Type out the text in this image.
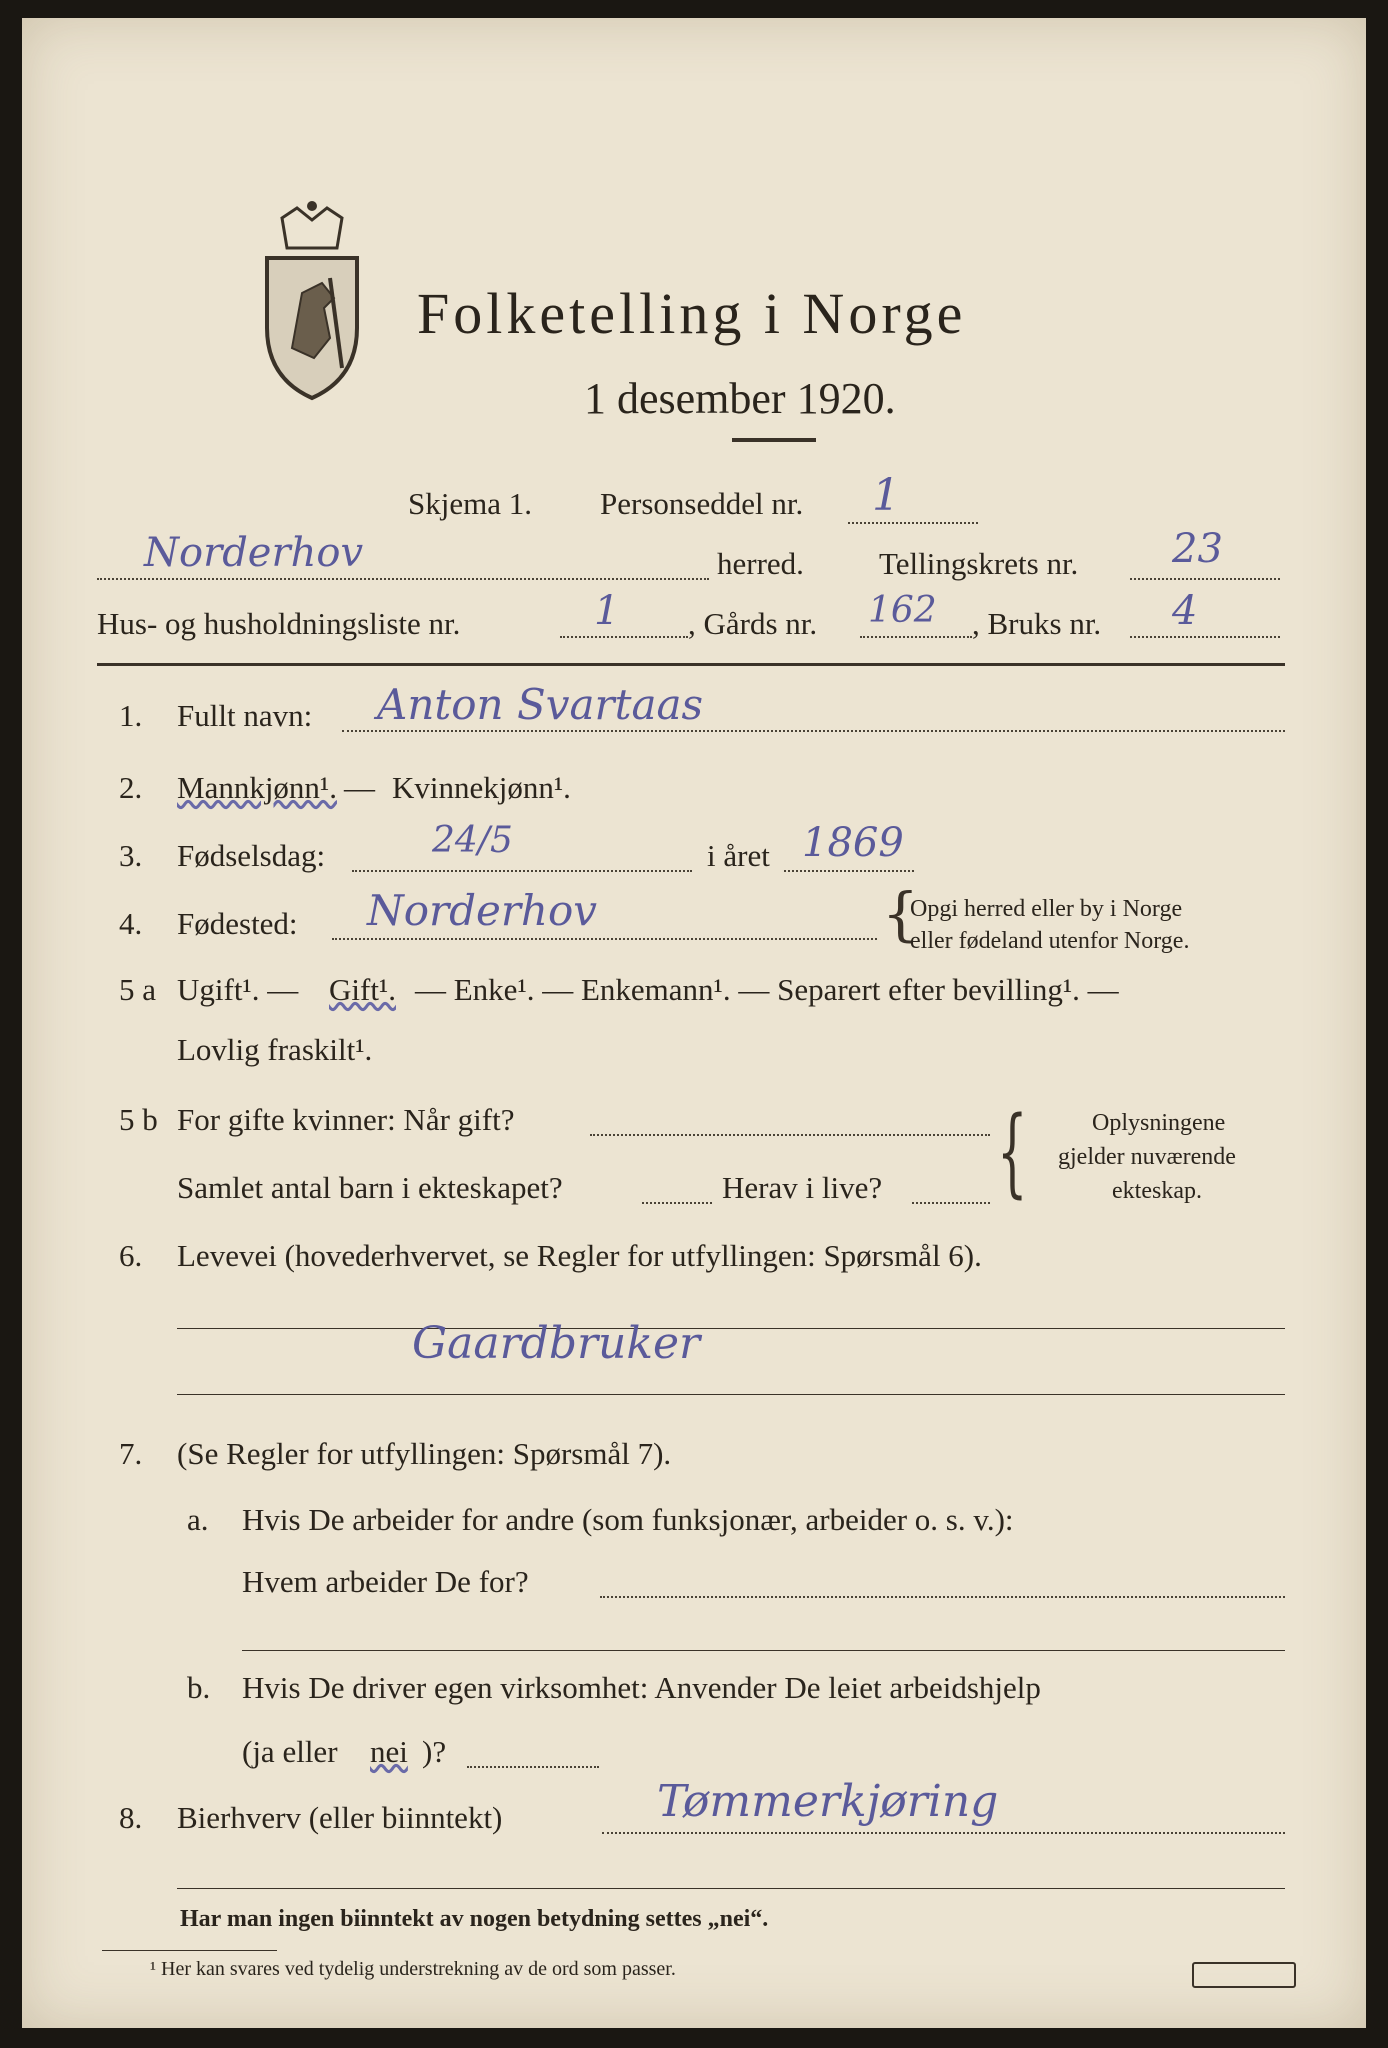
Folketelling i Norge
1 desember 1920.
Skjema 1. Personseddel nr. 1
Norderhov	herred. Tellingskrets nr. 23
Hus- og husholdningsliste nr.	1 , Gårds nr. 162 , Bruks nr. 4
1. Fullt navn: Anton Svartaas
2. Mannkjønn¹. — Kvinnekjønn¹.
3. Fødselsdag:	24/5	i året 1869
4. Fødested: Norderhov	{
Opgi herred eller by i Norge
eller fødeland utenfor Norge.
5 a Ugift¹. — Gift¹. — Enke¹. — Enkemann¹. — Separert efter bevilling¹. —
Lovlig fraskilt¹.
5 b For gifte kvinner: Når gift?
Samlet antal barn i ekteskapet?	Herav i live? {	Oplysningene
gjelder nuværende
ekteskap.
6. Levevei (hovederhvervet, se Regler for utfyllingen: Spørsmål 6).
Gaardbruker
7. (Se Regler for utfyllingen: Spørsmål 7).
a. Hvis De arbeider for andre (som funksjonær, arbeider o. s. v.):
Hvem arbeider De for?
b. Hvis De driver egen virksomhet: Anvender De leiet arbeidshjelp
(ja eller nei )?
8. Bierhverv (eller biinntekt)	Tømmerkjøring
Har man ingen biinntekt av nogen betydning settes „nei“.
¹ Her kan svares ved tydelig understrekning av de ord som passer.
